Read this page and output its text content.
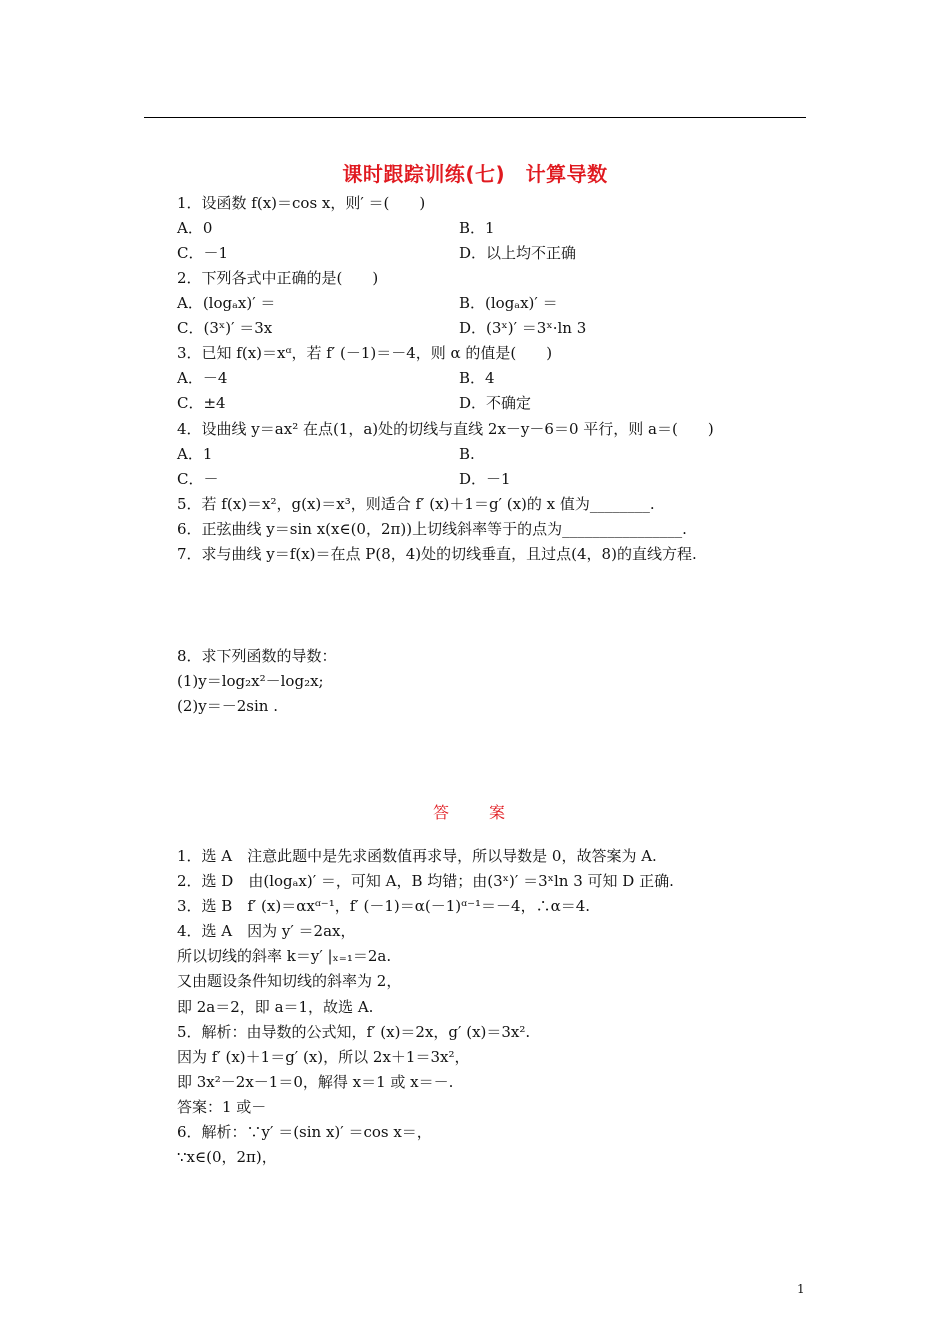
课时跟踪训练(七)　计算导数
1．设函数 f(x)＝cos x，则′ ＝(　　)
A．0	B．1
C．－1	D．以上均不正确
2．下列各式中正确的是(　　)
A．(logₐx)′ ＝	B．(logₐx)′ ＝
C．(3ˣ)′ ＝3x	D．(3ˣ)′ ＝3ˣ·ln 3
3．已知 f(x)＝xᵅ，若 f′ (－1)＝－4，则 α 的值是(　　)
A．－4	B．4
C．±4	D．不确定
4．设曲线 y＝ax² 在点(1，a)处的切线与直线 2x－y－6＝0 平行，则 a＝(　　)
A．1	B.
C．－	D．－1
5．若 f(x)＝x²，g(x)＝x³，则适合 f′ (x)＋1＝g′ (x)的 x 值为________.
6．正弦曲线 y＝sin x(x∈(0，2π))上切线斜率等于的点为________________.
7．求与曲线 y＝f(x)＝在点 P(8，4)处的切线垂直，且过点(4，8)的直线方程.
8．求下列函数的导数：
(1)y＝log₂x²－log₂x;
(2)y＝－2sin .
答　案
1．选 A　注意此题中是先求函数值再求导，所以导数是 0，故答案为 A.
2．选 D　由(logₐx)′ ＝，可知 A，B 均错；由(3ˣ)′ ＝3ˣln 3 可知 D 正确.
3．选 B　f′ (x)＝αxᵅ⁻¹，f′ (－1)＝α(－1)ᵅ⁻¹＝－4，∴α＝4.
4．选 A　因为 y′ ＝2ax，
所以切线的斜率 k＝y′ |ₓ₌₁＝2a.
又由题设条件知切线的斜率为 2，
即 2a＝2，即 a＝1，故选 A.
5．解析：由导数的公式知，f′ (x)＝2x，g′ (x)＝3x².
因为 f′ (x)＋1＝g′ (x)，所以 2x＋1＝3x²，
即 3x²－2x－1＝0，解得 x＝1 或 x＝－.
答案：1 或－
6．解析：∵y′ ＝(sin x)′ ＝cos x＝，
∵x∈(0，2π)，
1
